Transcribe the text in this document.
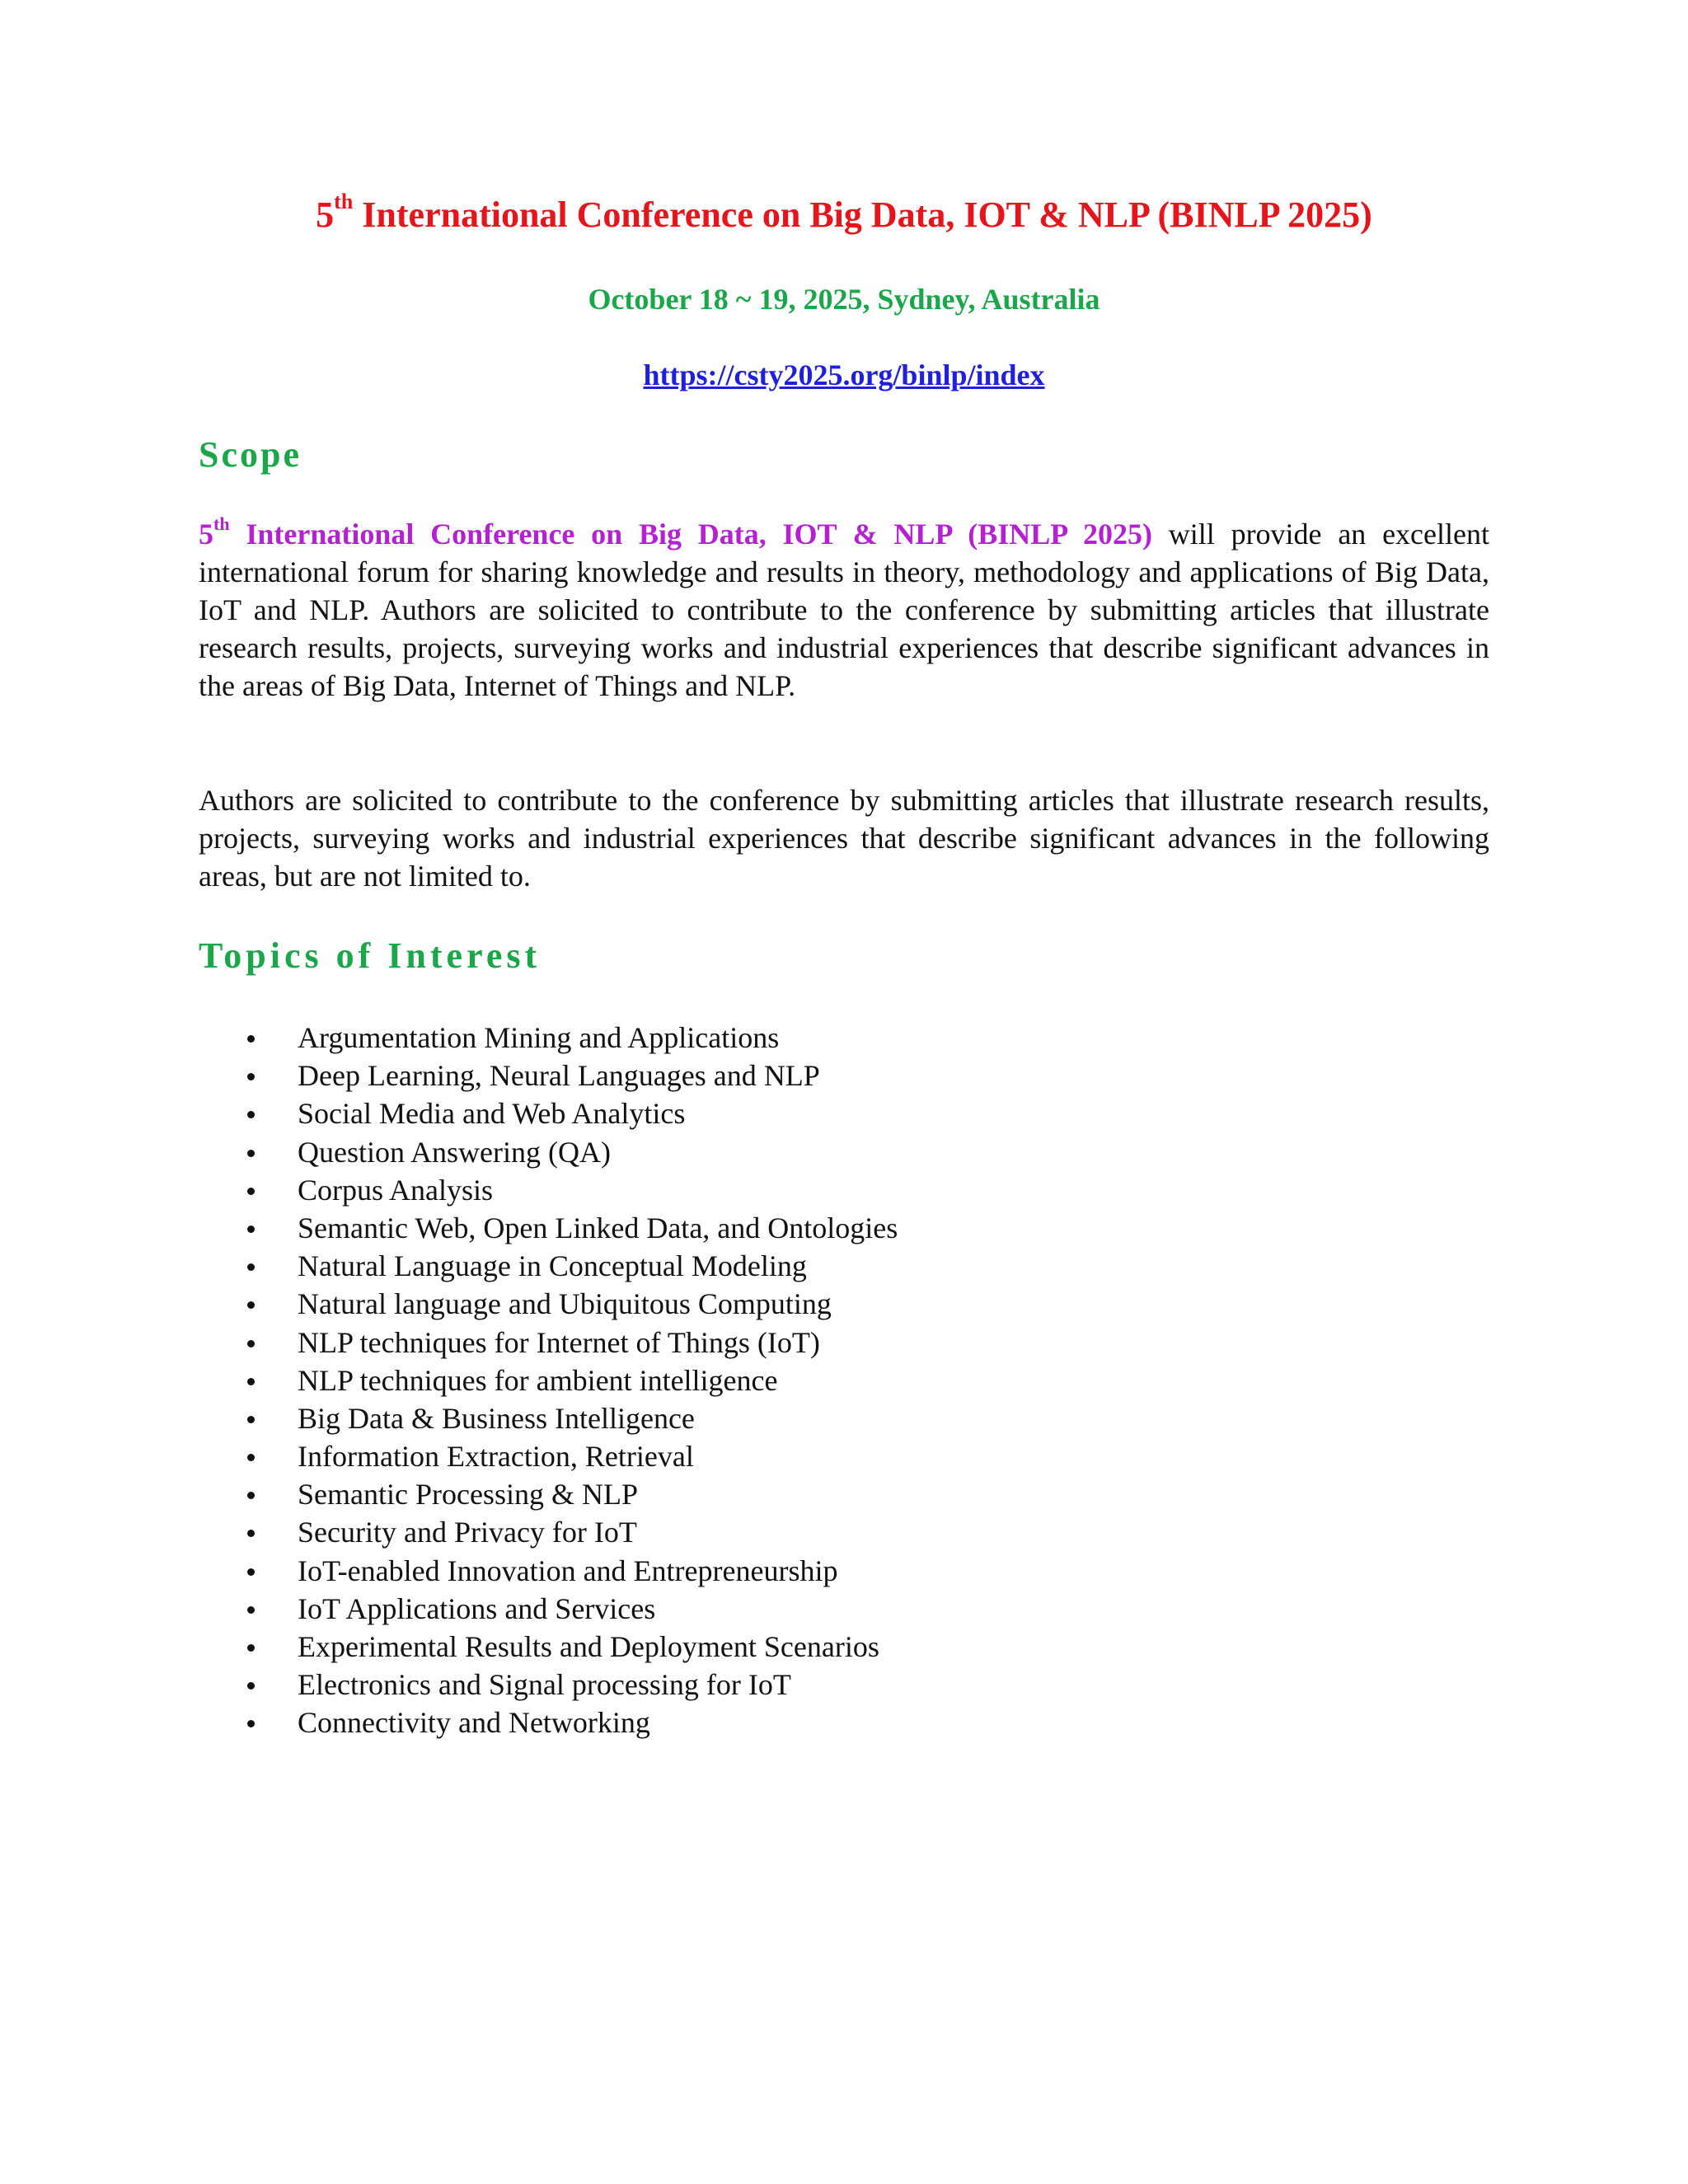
5th International Conference on Big Data, IOT & NLP (BINLP 2025)
October 18 ~ 19, 2025, Sydney, Australia
https://csty2025.org/binlp/index
Scope
5th International Conference on Big Data, IOT & NLP (BINLP 2025) will provide an excellent international forum for sharing knowledge and results in theory, methodology and applications of Big Data, IoT and NLP. Authors are solicited to contribute to the conference by submitting articles that illustrate research results, projects, surveying works and industrial experiences that describe significant advances in the areas of Big Data, Internet of Things and NLP.
Authors are solicited to contribute to the conference by submitting articles that illustrate research results, projects, surveying works and industrial experiences that describe significant advances in the following areas, but are not limited to.
Topics of Interest
Argumentation Mining and Applications
Deep Learning, Neural Languages and NLP
Social Media and Web Analytics
Question Answering (QA)
Corpus Analysis
Semantic Web, Open Linked Data, and Ontologies
Natural Language in Conceptual Modeling
Natural language and Ubiquitous Computing
NLP techniques for Internet of Things (IoT)
NLP techniques for ambient intelligence
Big Data & Business Intelligence
Information Extraction, Retrieval
Semantic Processing & NLP
Security and Privacy for IoT
IoT-enabled Innovation and Entrepreneurship
IoT Applications and Services
Experimental Results and Deployment Scenarios
Electronics and Signal processing for IoT
Connectivity and Networking
